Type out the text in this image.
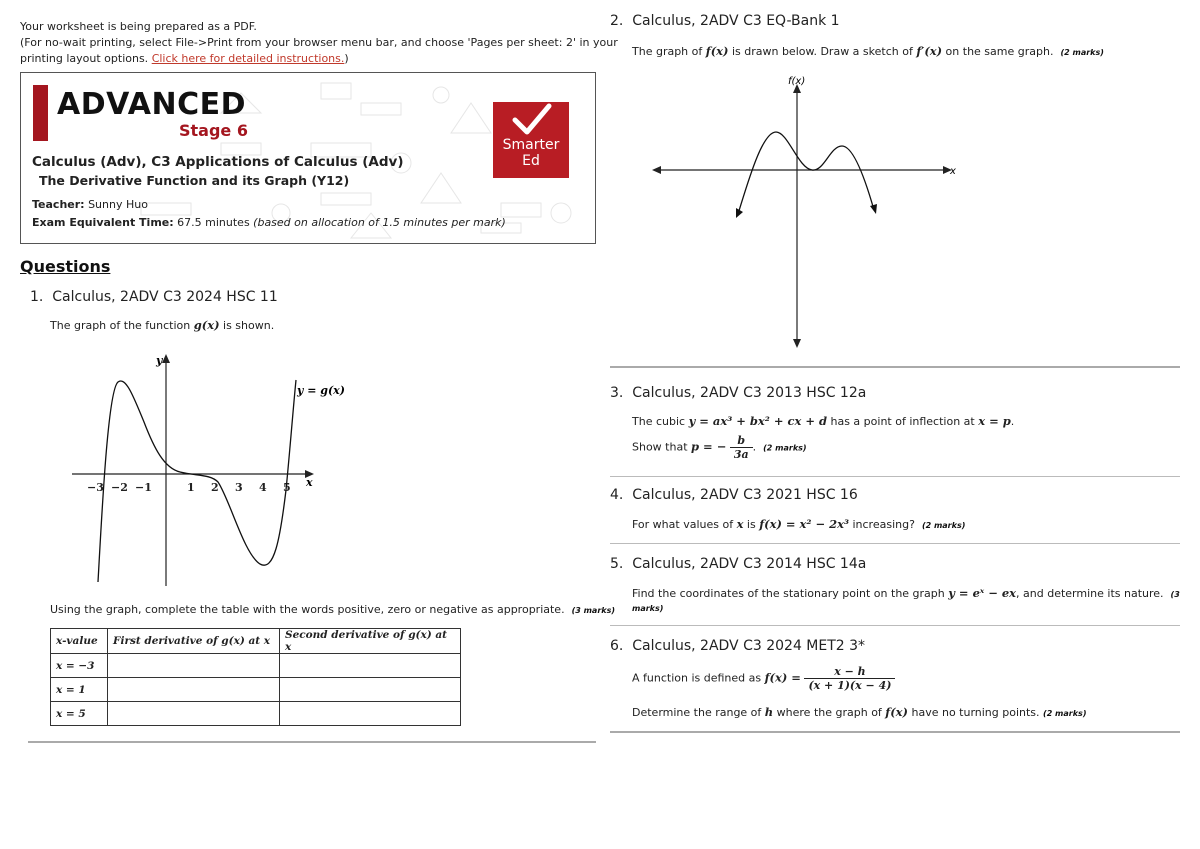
Your worksheet is being prepared as a PDF.
(For no-wait printing, select File->Print from your browser menu bar, and choose 'Pages per sheet: 2' in your
printing layout options. Click here for detailed instructions.)
ADVANCED
Stage 6
Calculus (Adv), C3 Applications of Calculus (Adv)
The Derivative Function and its Graph (Y12)
Teacher: Sunny Huo
Exam Equivalent Time: 67.5 minutes (based on allocation of 1.5 minutes per mark)
Smarter
Ed
Questions
1. Calculus, 2ADV C3 2024 HSC 11
The graph of the function g(x) is shown.
y
x
−3 −2 −1	1 2 3 4 5
y = g(x)
Using the graph, complete the table with the words positive, zero or negative as appropriate. (3 marks)
x-value	First derivative of g(x) at x	Second derivative of g(x) at x
x = −3		
x = 1		
x = 5		
2. Calculus, 2ADV C3 EQ-Bank 1
The graph of f(x) is drawn below. Draw a sketch of f′(x) on the same graph. (2 marks)
f(x)
x
3. Calculus, 2ADV C3 2013 HSC 12a
The cubic y = ax³ + bx² + cx + d has a point of inflection at x = p.
Show that p = − $\frac{b}{3a}$ . (2 marks)
4. Calculus, 2ADV C3 2021 HSC 16
For what values of x is f(x) = x² − 2x³ increasing? (2 marks)
5. Calculus, 2ADV C3 2014 HSC 14a
Find the coordinates of the stationary point on the graph y = eˣ − ex, and determine its nature. (3
marks)
6. Calculus, 2ADV C3 2024 MET2 3*
A function is defined as $f(x) = \frac{x - h}{(x + 1)(x - 4)}$
Determine the range of h where the graph of f(x) have no turning points. (2 marks)
